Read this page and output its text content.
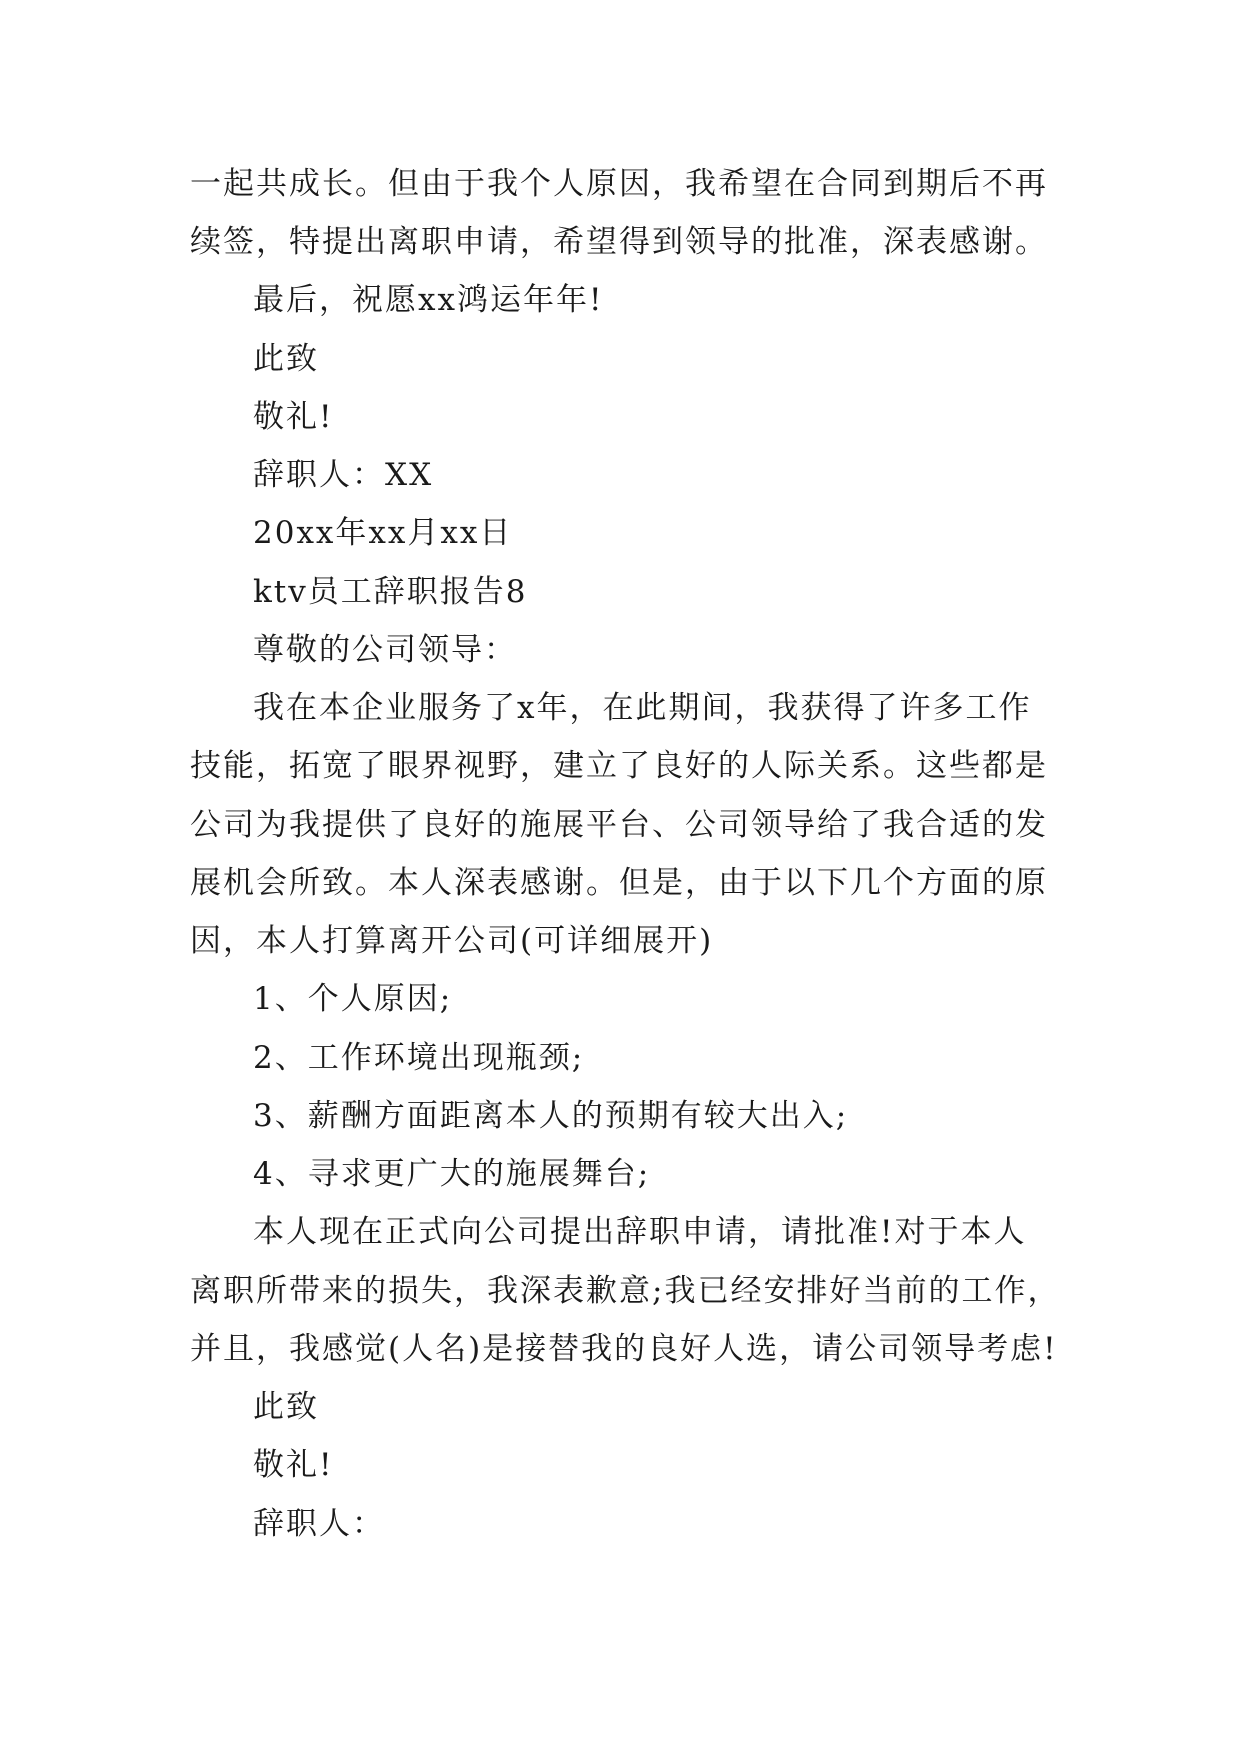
一起共成长。但由于我个人原因，我希望在合同到期后不再
续签，特提出离职申请，希望得到领导的批准，深表感谢。
最后，祝愿xx鸿运年年!
此致
敬礼!
辞职人：XX
20xx年xx月xx日
ktv员工辞职报告8
尊敬的公司领导：
我在本企业服务了x年，在此期间，我获得了许多工作
技能，拓宽了眼界视野，建立了良好的人际关系。这些都是
公司为我提供了良好的施展平台、公司领导给了我合适的发
展机会所致。本人深表感谢。但是，由于以下几个方面的原
因，本人打算离开公司(可详细展开)
1、个人原因;
2、工作环境出现瓶颈;
3、薪酬方面距离本人的预期有较大出入;
4、寻求更广大的施展舞台;
本人现在正式向公司提出辞职申请，请批准!对于本人
离职所带来的损失，我深表歉意;我已经安排好当前的工作，
并且，我感觉(人名)是接替我的良好人选，请公司领导考虑!
此致
敬礼!
辞职人：
